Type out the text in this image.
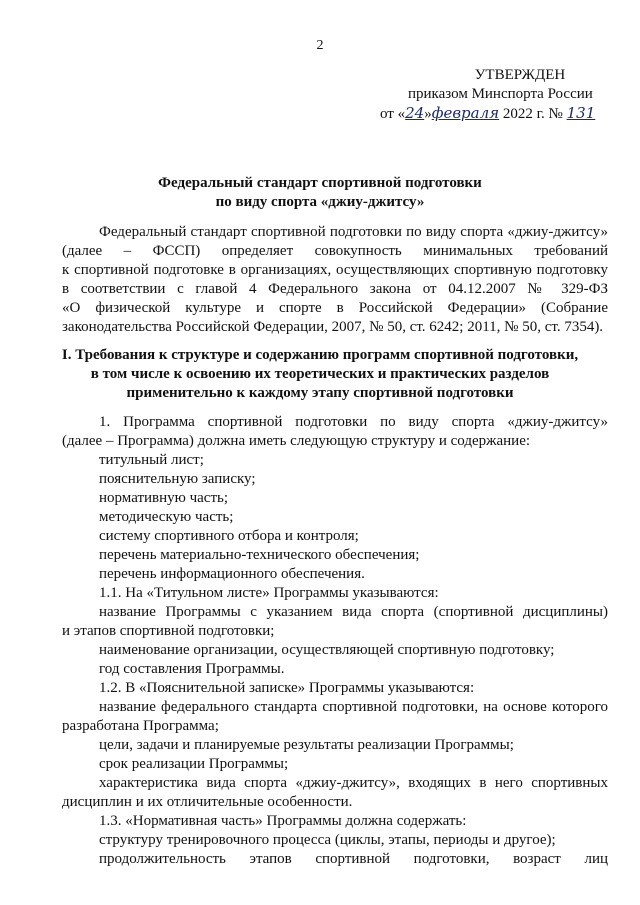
2
УТВЕРЖДЕН
приказом Минспорта России
от «24»февраля 2022 г. № 131
Федеральный стандарт спортивной подготовки
по виду спорта «джиу-джитсу»
Федеральный стандарт спортивной подготовки по виду спорта «джиу-джитсу»
(далее – ФССП) определяет совокупность минимальных требований
к спортивной подготовке в организациях, осуществляющих спортивную подготовку
в соответствии с главой 4 Федерального закона от 04.12.2007 № 329-ФЗ
«О физической культуре и спорте в Российской Федерации» (Собрание
законодательства Российской Федерации, 2007, № 50, ст. 6242; 2011, № 50, ст. 7354).
I. Требования к структуре и содержанию программ спортивной подготовки,
в том числе к освоению их теоретических и практических разделов
применительно к каждому этапу спортивной подготовки
1. Программа спортивной подготовки по виду спорта «джиу-джитсу»
(далее – Программа) должна иметь следующую структуру и содержание:
титульный лист;
пояснительную записку;
нормативную часть;
методическую часть;
систему спортивного отбора и контроля;
перечень материально-технического обеспечения;
перечень информационного обеспечения.
1.1. На «Титульном листе» Программы указываются:
название Программы с указанием вида спорта (спортивной дисциплины)
и этапов спортивной подготовки;
наименование организации, осуществляющей спортивную подготовку;
год составления Программы.
1.2. В «Пояснительной записке» Программы указываются:
название федерального стандарта спортивной подготовки, на основе которого
разработана Программа;
цели, задачи и планируемые результаты реализации Программы;
срок реализации Программы;
характеристика вида спорта «джиу-джитсу», входящих в него спортивных
дисциплин и их отличительные особенности.
1.3. «Нормативная часть» Программы должна содержать:
структуру тренировочного процесса (циклы, этапы, периоды и другое);
продолжительность этапов спортивной подготовки, возраст лиц
